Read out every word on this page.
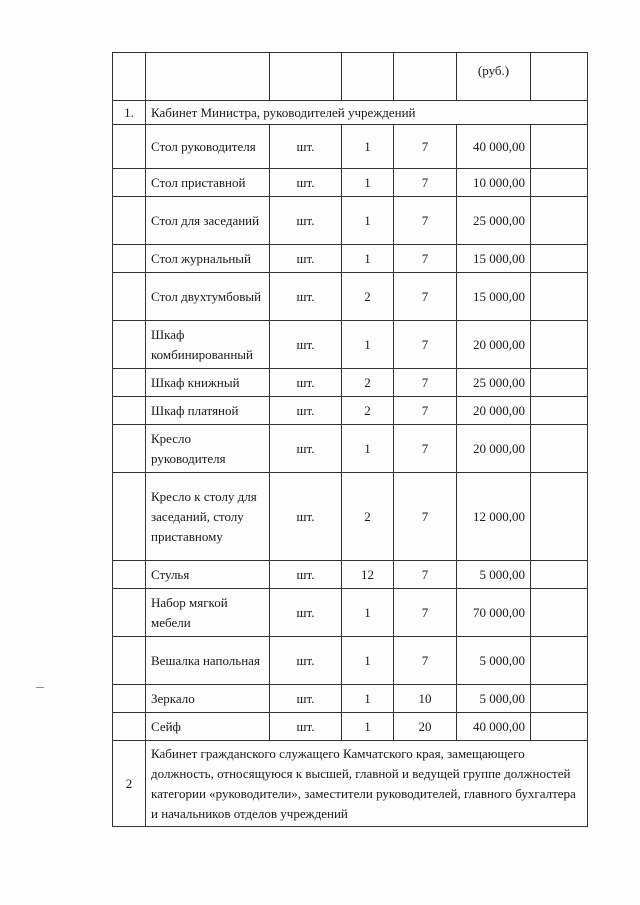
					(руб.)	
1.	Кабинет Министра, руководителей учреждений					
	Стол руководителя	шт.	1	7	40 000,00	
	Стол приставной	шт.	1	7	10 000,00	
	Стол для заседаний	шт.	1	7	25 000,00	
	Стол журнальный	шт.	1	7	15 000,00	
	Стол двухтумбовый	шт.	2	7	15 000,00	
	Шкаф комбинированный	шт.	1	7	20 000,00	
	Шкаф книжный	шт.	2	7	25 000,00	
	Шкаф платяной	шт.	2	7	20 000,00	
	Кресло руководителя	шт.	1	7	20 000,00	
	Кресло к столу для заседаний, столу приставному	шт.	2	7	12 000,00	
	Стулья	шт.	12	7	5 000,00	
	Набор мягкой мебели	шт.	1	7	70 000,00	
	Вешалка напольная	шт.	1	7	5 000,00	
	Зеркало	шт.	1	10	5 000,00	
	Сейф	шт.	1	20	40 000,00	
2	Кабинет гражданского служащего Камчатского края, замещающего должность, относящуюся к высшей, главной и ведущей группе должностей категории «руководители», заместители руководителей, главного бухгалтера и начальников отделов учреждений					
